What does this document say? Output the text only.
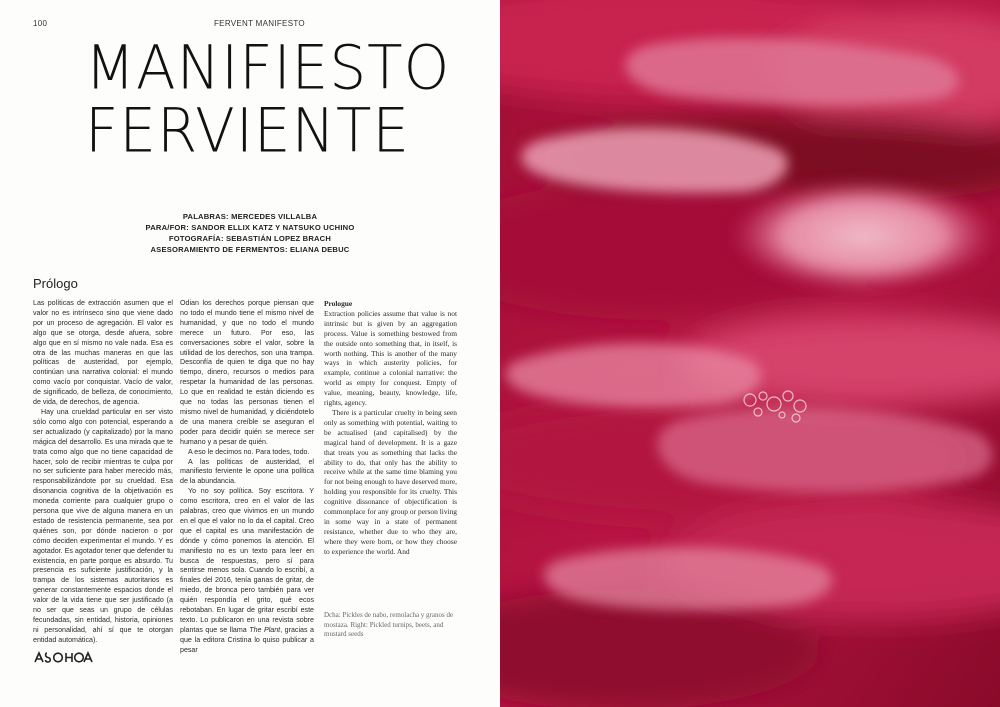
100	FERVENT MANIFESTO
MANIFIESTO
FERVIENTE
PALABRAS: MERCEDES VILLALBA
PARA/FOR: SANDOR ELLIX KATZ Y NATSUKO UCHINO
FOTOGRAFÍA: SEBASTIÁN LOPEZ BRACH
ASESORAMIENTO DE FERMENTOS: ELIANA DEBUC
Prólogo

Las políticas de extracción asumen que el valor no es intrínseco sino que viene dado por un proceso de agregación. El valor es algo que se otorga, desde afuera, sobre algo que en sí mismo no vale nada. Esa es otra de las muchas maneras en que las políticas de austeridad, por ejemplo, continúan una narrativa colonial: el mundo como vacío por conquistar. Vacío de valor, de significado, de belleza, de conocimiento, de vida, de derechos, de agencia.

Hay una crueldad particular en ser visto sólo como algo con potencial, esperando a ser actualizado (y capitalizado) por la mano mágica del desarrollo. Es una mirada que te trata como algo que no tiene capacidad de hacer, solo de recibir mientras te culpa por no ser suficiente para haber merecido más, responsabilizándote por su crueldad. Esa disonancia cognitiva de la objetivación es moneda corriente para cualquier grupo o persona que vive de alguna manera en un estado de resistencia permanente, sea por quiénes son, por dónde nacieron o por cómo deciden experimentar el mundo. Y es agotador. Es agotador tener que defender tu existencia, en parte porque es absurdo. Tu presencia es suficiente justificación, y la trampa de los sistemas autoritarios es generar constantemente espacios donde el valor de la vida tiene que ser justificado (a no ser que seas un grupo de células fecundadas, sin entidad, historia, opiniones ni personalidad, ahí sí que te otorgan entidad automática).

Odian los derechos porque piensan que no todo el mundo tiene el mismo nivel de humanidad, y que no todo el mundo merece un futuro. Por eso, las conversaciones sobre el valor, sobre la utilidad de los derechos, son una trampa. Desconfía de quien te diga que no hay tiempo, dinero, recursos o medios para respetar la humanidad de las personas. Lo que en realidad te están diciendo es que no todas las personas tienen el mismo nivel de humanidad, y diciéndotelo de una manera creíble se aseguran el poder para decidir quién se merece ser humano y a pesar de quién.

A eso le decimos no. Para todes, todo.

A las políticas de austeridad, el manifiesto ferviente le opone una política de la abundancia.

Yo no soy política. Soy escritora. Y como escritora, creo en el valor de las palabras, creo que vivimos en un mundo en el que el valor no lo da el capital. Creo que el capital es una manifestación de dónde y cómo ponemos la atención. El manifiesto no es un texto para leer en busca de respuestas, pero sí para sentirse menos sola. Cuando lo escribí, a finales del 2016, tenía ganas de gritar, de miedo, de bronca pero también para ver quién respondía el grito, qué ecos rebotaban. En lugar de gritar escribí este texto. Lo publicaron en una revista sobre plantas que se llama The Plant, gracias a que la editora Cristina lo quiso publicar a pesar

Prologue

Extraction policies assume that value is not intrinsic but is given by an aggregation process. Value is something bestowed from the outside onto something that, in itself, is worth nothing. This is another of the many ways in which austerity policies, for example, continue a colonial narrative: the world as empty for conquest. Empty of value, meaning, beauty, knowledge, life, rights, agency.

There is a particular cruelty in being seen only as something with potential, waiting to be actualised (and capitalised) by the magical hand of development. It is a gaze that treats you as something that lacks the ability to do, that only has the ability to receive while at the same time blaming you for not being enough to have deserved more, holding you responsible for its cruelty. This cognitive dissonance of objectification is commonplace for any group or person living in some way in a state of permanent resistance, whether due to who they are, where they were born, or how they choose to experience the world. And

Dcha: Pickles de nabo, remolacha y granos de mostaza. Right: Pickled turnips, beets, and mustard seeds
